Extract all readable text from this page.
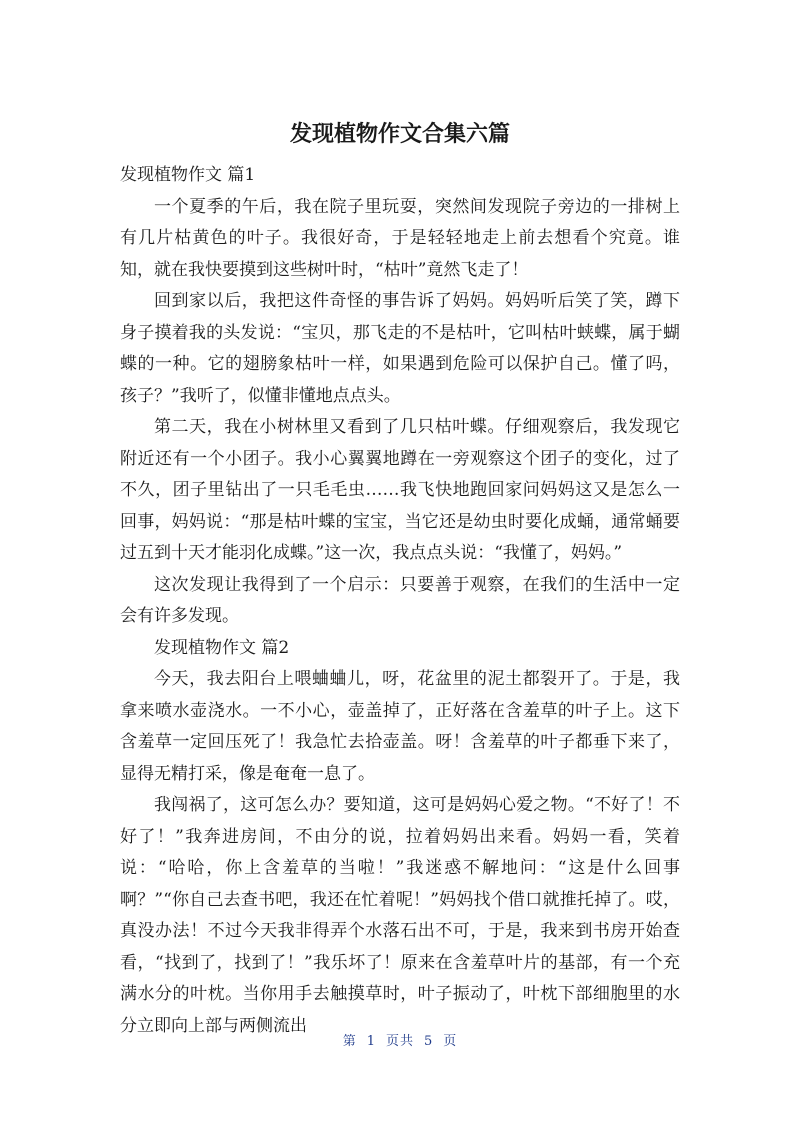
发现植物作文合集六篇

发现植物作文 篇1

一个夏季的午后，我在院子里玩耍，突然间发现院子旁边的一排树上有几片枯黄色的叶子。我很好奇，于是轻轻地走上前去想看个究竟。谁知，就在我快要摸到这些树叶时，“枯叶”竟然飞走了！

回到家以后，我把这件奇怪的事告诉了妈妈。妈妈听后笑了笑，蹲下身子摸着我的头发说：“宝贝，那飞走的不是枯叶，它叫枯叶蛱蝶，属于蝴蝶的一种。它的翅膀象枯叶一样，如果遇到危险可以保护自己。懂了吗，孩子？”我听了，似懂非懂地点点头。

第二天，我在小树林里又看到了几只枯叶蝶。仔细观察后，我发现它附近还有一个小团子。我小心翼翼地蹲在一旁观察这个团子的变化，过了不久，团子里钻出了一只毛毛虫……我飞快地跑回家问妈妈这又是怎么一回事，妈妈说：“那是枯叶蝶的宝宝，当它还是幼虫时要化成蛹，通常蛹要过五到十天才能羽化成蝶。”这一次，我点点头说：“我懂了，妈妈。”

这次发现让我得到了一个启示：只要善于观察，在我们的生活中一定会有许多发现。

发现植物作文 篇2

今天，我去阳台上喂蛐蛐儿，呀，花盆里的泥土都裂开了。于是，我拿来喷水壶浇水。一不小心，壶盖掉了，正好落在含羞草的叶子上。这下含羞草一定回压死了！我急忙去拾壶盖。呀！含羞草的叶子都垂下来了，显得无精打采，像是奄奄一息了。

我闯祸了，这可怎么办？要知道，这可是妈妈心爱之物。“不好了！不好了！”我奔进房间，不由分的说，拉着妈妈出来看。妈妈一看，笑着说：“哈哈，你上含羞草的当啦！”我迷惑不解地问：“这是什么回事啊？”“你自己去查书吧，我还在忙着呢！”妈妈找个借口就推托掉了。哎，真没办法！不过今天我非得弄个水落石出不可，于是，我来到书房开始查看，“找到了，找到了！”我乐坏了！原来在含羞草叶片的基部，有一个充满水分的叶枕。当你用手去触摸草时，叶子振动了，叶枕下部细胞里的水分立即向上部与两侧流出

第 1 页共 5 页
